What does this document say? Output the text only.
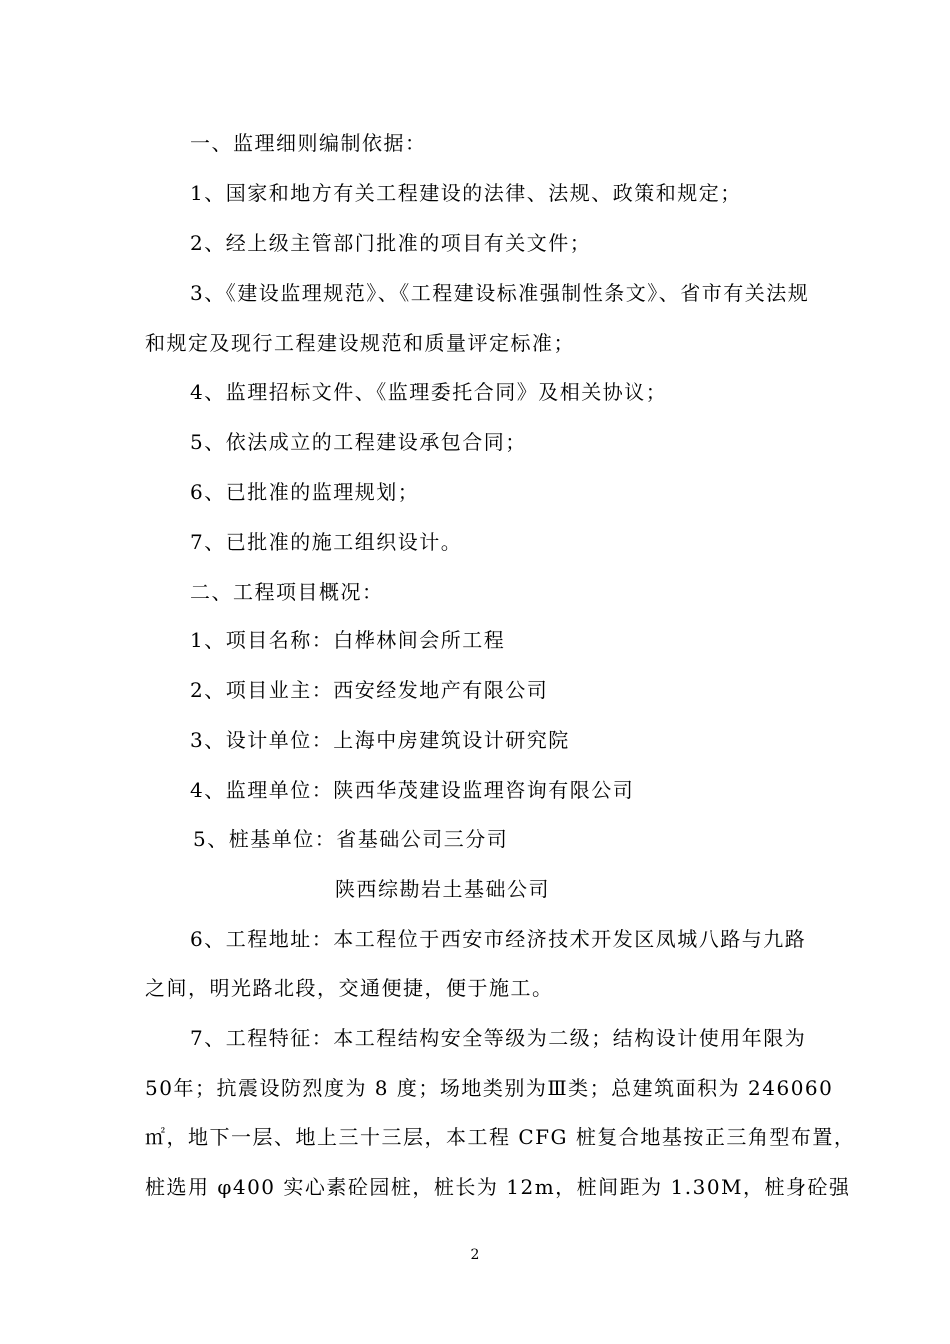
一、监理细则编制依据：
1、国家和地方有关工程建设的法律、法规、政策和规定；
2、经上级主管部门批准的项目有关文件；
3、《建设监理规范》、《工程建设标准强制性条文》、省市有关法规
和规定及现行工程建设规范和质量评定标准；
4、监理招标文件、《监理委托合同》及相关协议；
5、依法成立的工程建设承包合同；
6、已批准的监理规划；
7、已批准的施工组织设计。
二、工程项目概况：
1、项目名称：白桦林间会所工程
2、项目业主：西安经发地产有限公司
3、设计单位：上海中房建筑设计研究院
4、监理单位：陕西华茂建设监理咨询有限公司
5、桩基单位：省基础公司三分司
陕西综勘岩土基础公司
6、工程地址：本工程位于西安市经济技术开发区凤城八路与九路
之间，明光路北段，交通便捷，便于施工。
7、工程特征：本工程结构安全等级为二级；结构设计使用年限为
50年；抗震设防烈度为 8 度；场地类别为Ⅲ类；总建筑面积为 246060
㎡，地下一层、地上三十三层，本工程 CFG 桩复合地基按正三角型布置，
桩选用 φ400 实心素砼园桩，桩长为 12m，桩间距为 1.30M，桩身砼强
2
